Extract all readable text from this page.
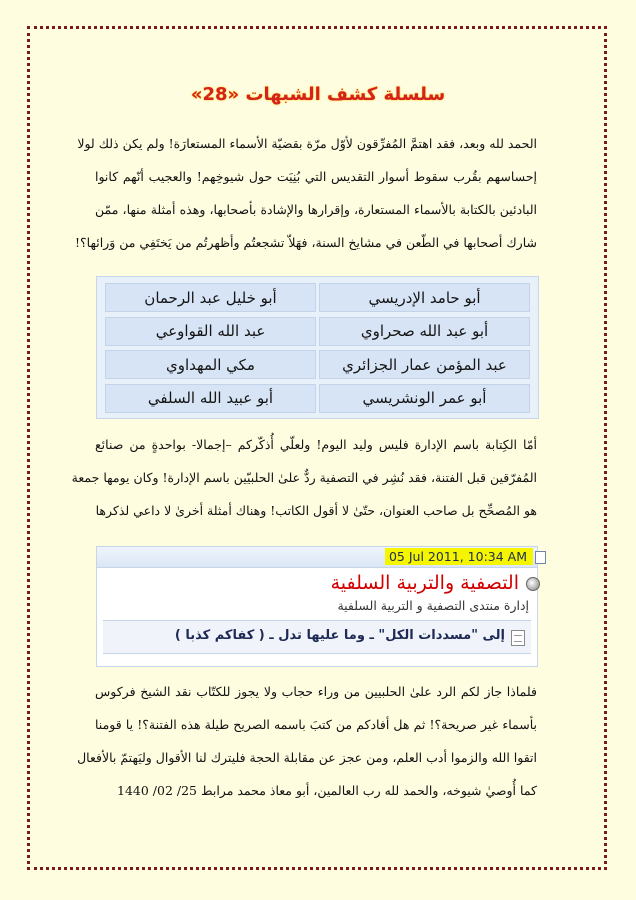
سلسلة كشف الشبهات «28»

الحمد لله وبعد، فقد اهتمَّ المُفرِّقون لأوّل مرّة بقضيّة الأسماء المستعارَة! ولم يكن ذلك لولا

إحساسهم بقُرب سقوط أسوار التقديس التي بُنِيَت حول شيوخِهم! والعجيب أنّهم كانوا

البادئين بالكتابة بالأسماء المستعارة، وإقرارها والإشادة بأصحابها، وهذه أمثلة منها، ممّن

شارك أصحابها في الطّعن في مشايخ السنة، فهَلاّ تشجعتُم وأظهرتُم من يَختَفِي من وَرائها؟!

أبو حامد الإدريسي
أبو خليل عبد الرحمان
أبو عبد الله صحراوي
عبد الله القواوعي
عبد المؤمن عمار الجزائري
مكي المهداوي
أبو عمر الونشريسي
أبو عبيد الله السلفي

أمّا الكِتابة باسم الإدارة فليس وليد اليوم! ولعلّي أُذكّركم –إجمالا- بواحدةٍ من صنائع

المُفرّقين قبل الفتنة، فقد نُشِر في التصفية ردٌّ علىٰ الحلبيّين باسم الإدارة! وكان يومها جمعة

هو المُصحِّح بل صاحب العنوان، حتّىٰ لا أقول الكاتب! وهناك أمثلة أخرىٰ لا داعي لذكرها

05 Jul 2011, 10:34 AM
التصفية والتربية السلفية
إدارة منتدى التصفية و التربية السلفية
إلى "مسددات الكل" ـ وما عليها تدل ـ ( كفاكم كذبا )

فلماذا جاز لكم الرد علىٰ الحلبيين من وراء حجاب ولا يجوز للكتّاب نقد الشيخ فركوس

بأسماء غير صريحة؟! ثم هل أفادكم من كتبَ باسمه الصريح طيلة هذه الفتنة؟! يا قومنا

اتقوا الله والزموا أدب العلم، ومن عجز عن مقابلة الحجة فليترك لنا الأقوال وليَهتمّ بالأفعال

كما أُوصيٰ شيوخه، والحمد لله رب العالمين، أبو معاذ محمد مرابط 25/ 02/ 1440
